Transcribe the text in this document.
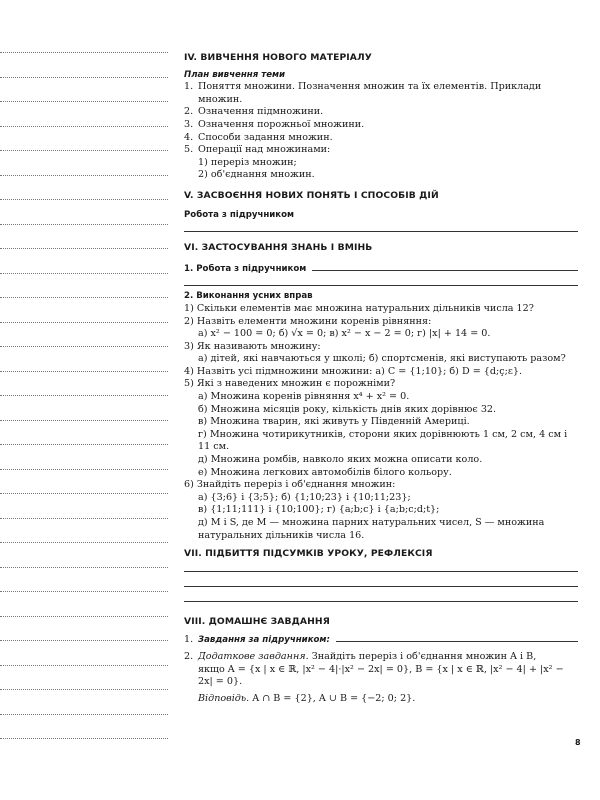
IV. ВИВЧЕННЯ НОВОГО МАТЕРІАЛУ
План вивчення теми
1. Поняття множини. Позначення множин та їх елементів. Приклади множин.
2. Означення підмножини.
3. Означення порожньої множини.
4. Способи задання множин.
5. Операції над множинами:
1) переріз множин;
2) об'єднання множин.
V. ЗАСВОЄННЯ НОВИХ ПОНЯТЬ І СПОСОБІВ ДІЙ
Робота з підручником
VI. ЗАСТОСУВАННЯ ЗНАНЬ І ВМІНЬ
1. Робота з підручником
2. Виконання усних вправ
1) Скільки елементів має множина натуральних дільників числа 12?
2) Назвіть елементи множини коренів рівняння:
а) x² − 100 = 0; б) √x = 0; в) x² − x − 2 = 0; г) |x| + 14 = 0.
3) Як називають множину:
а) дітей, які навчаються у школі; б) спортсменів, які виступають разом?
4) Назвіть усі підмножини множини: а) C = {1;10}; б) D = {d;ç;ε}.
5) Які з наведених множин є порожніми?
а) Множина коренів рівняння x⁴ + x² = 0.
б) Множина місяців року, кількість днів яких дорівнює 32.
в) Множина тварин, які живуть у Південній Америці.
г) Множина чотирикутників, сторони яких дорівнюють 1 см, 2 см, 4 см і 11 см.
д) Множина ромбів, навколо яких можна описати коло.
е) Множина легкових автомобілів білого кольору.
6) Знайдіть переріз і об'єднання множин:
а) {3;6} і {3;5}; б) {1;10;23} і {10;11;23};
в) {1;11;111} і {10;100}; г) {a;b;c} і {a;b;c;d;t};
д) M і S, де M — множина парних натуральних чисел, S — множина натуральних дільників числа 16.
VII. ПІДБИТТЯ ПІДСУМКІВ УРОКУ, РЕФЛЕКСІЯ
VIII. ДОМАШНЄ ЗАВДАННЯ
1. Завдання за підручником:
2. Додаткове завдання. Знайдіть переріз і об'єднання множин A і B,
якщо A = {x | x ∈ ℝ, |x² − 4|·|x² − 2x| = 0}, B = {x | x ∈ ℝ, |x² − 4| + |x² − 2x| = 0}.
Відповідь. A ∩ B = {2}, A ∪ B = {−2; 0; 2}.
8
